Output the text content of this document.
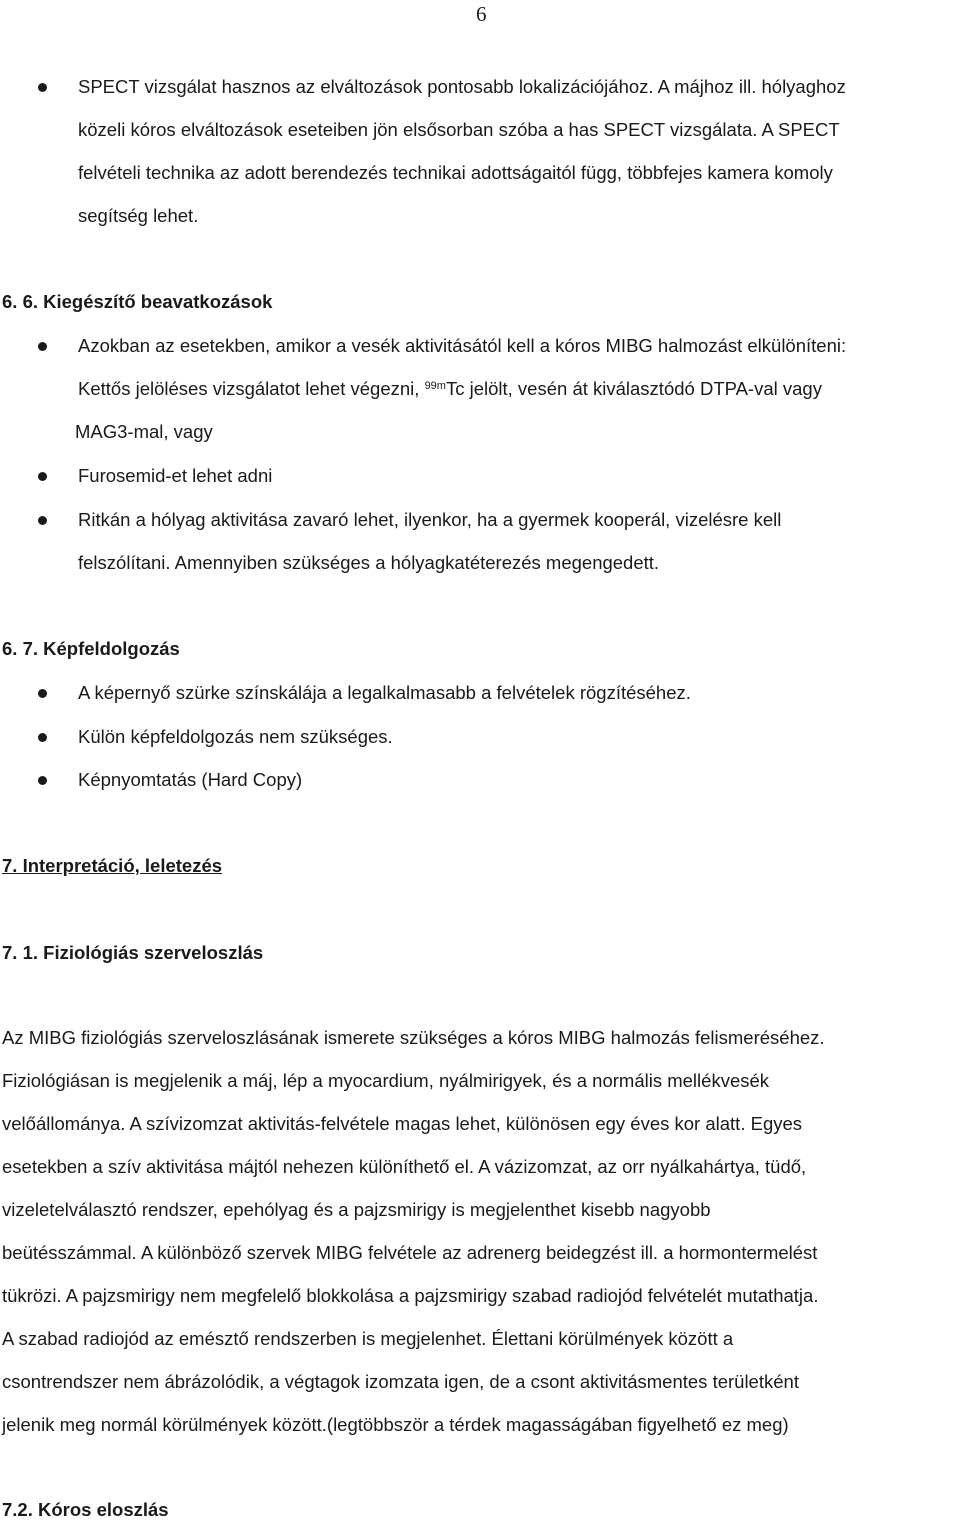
6
SPECT vizsgálat hasznos az elváltozások pontosabb lokalizációjához. A májhoz ill. hólyaghoz
közeli kóros elváltozások eseteiben jön elsősorban szóba a has SPECT vizsgálata. A SPECT
felvételi technika az adott berendezés technikai adottságaitól függ, többfejes kamera komoly
segítség lehet.
6. 6. Kiegészítő beavatkozások
Azokban az esetekben, amikor a vesék aktivitásától kell a kóros MIBG halmozást elkülöníteni:
Kettős jelöléses vizsgálatot lehet végezni, $^{99m}$Tc jelölt, vesén át kiválasztódó DTPA-val vagy
MAG3-mal, vagy
Furosemid-et lehet adni
Ritkán a hólyag aktivitása zavaró lehet, ilyenkor, ha a gyermek kooperál, vizelésre kell
felszólítani. Amennyiben szükséges a hólyagkatéterezés megengedett.
6. 7. Képfeldolgozás
A képernyő szürke színskálája a legalkalmasabb a felvételek rögzítéséhez.
Külön képfeldolgozás nem szükséges.
Képnyomtatás (Hard Copy)
7. Interpretáció, leletezés
7. 1. Fiziológiás szerveloszlás
Az MIBG fiziológiás szerveloszlásának ismerete szükséges a kóros MIBG halmozás felismeréséhez.
Fiziológiásan is megjelenik a máj, lép a myocardium, nyálmirigyek, és a normális mellékvesék
velőállománya. A szívizomzat aktivitás-felvétele magas lehet, különösen egy éves kor alatt. Egyes
esetekben a szív aktivitása májtól nehezen különíthető el. A vázizomzat, az orr nyálkahártya, tüdő,
vizeletelválasztó rendszer, epehólyag és a pajzsmirigy is megjelenthet kisebb nagyobb
beütésszámmal. A különböző szervek MIBG felvétele az adrenerg beidegzést ill. a hormontermelést
tükrözi. A pajzsmirigy nem megfelelő blokkolása a pajzsmirigy szabad radiojód felvételét mutathatja.
A szabad radiojód az emésztő rendszerben is megjelenhet. Élettani körülmények között a
csontrendszer nem ábrázolódik, a végtagok izomzata igen, de a csont aktivitásmentes területként
jelenik meg normál körülmények között.(legtöbbször a térdek magasságában figyelhető ez meg)
7.2. Kóros eloszlás
